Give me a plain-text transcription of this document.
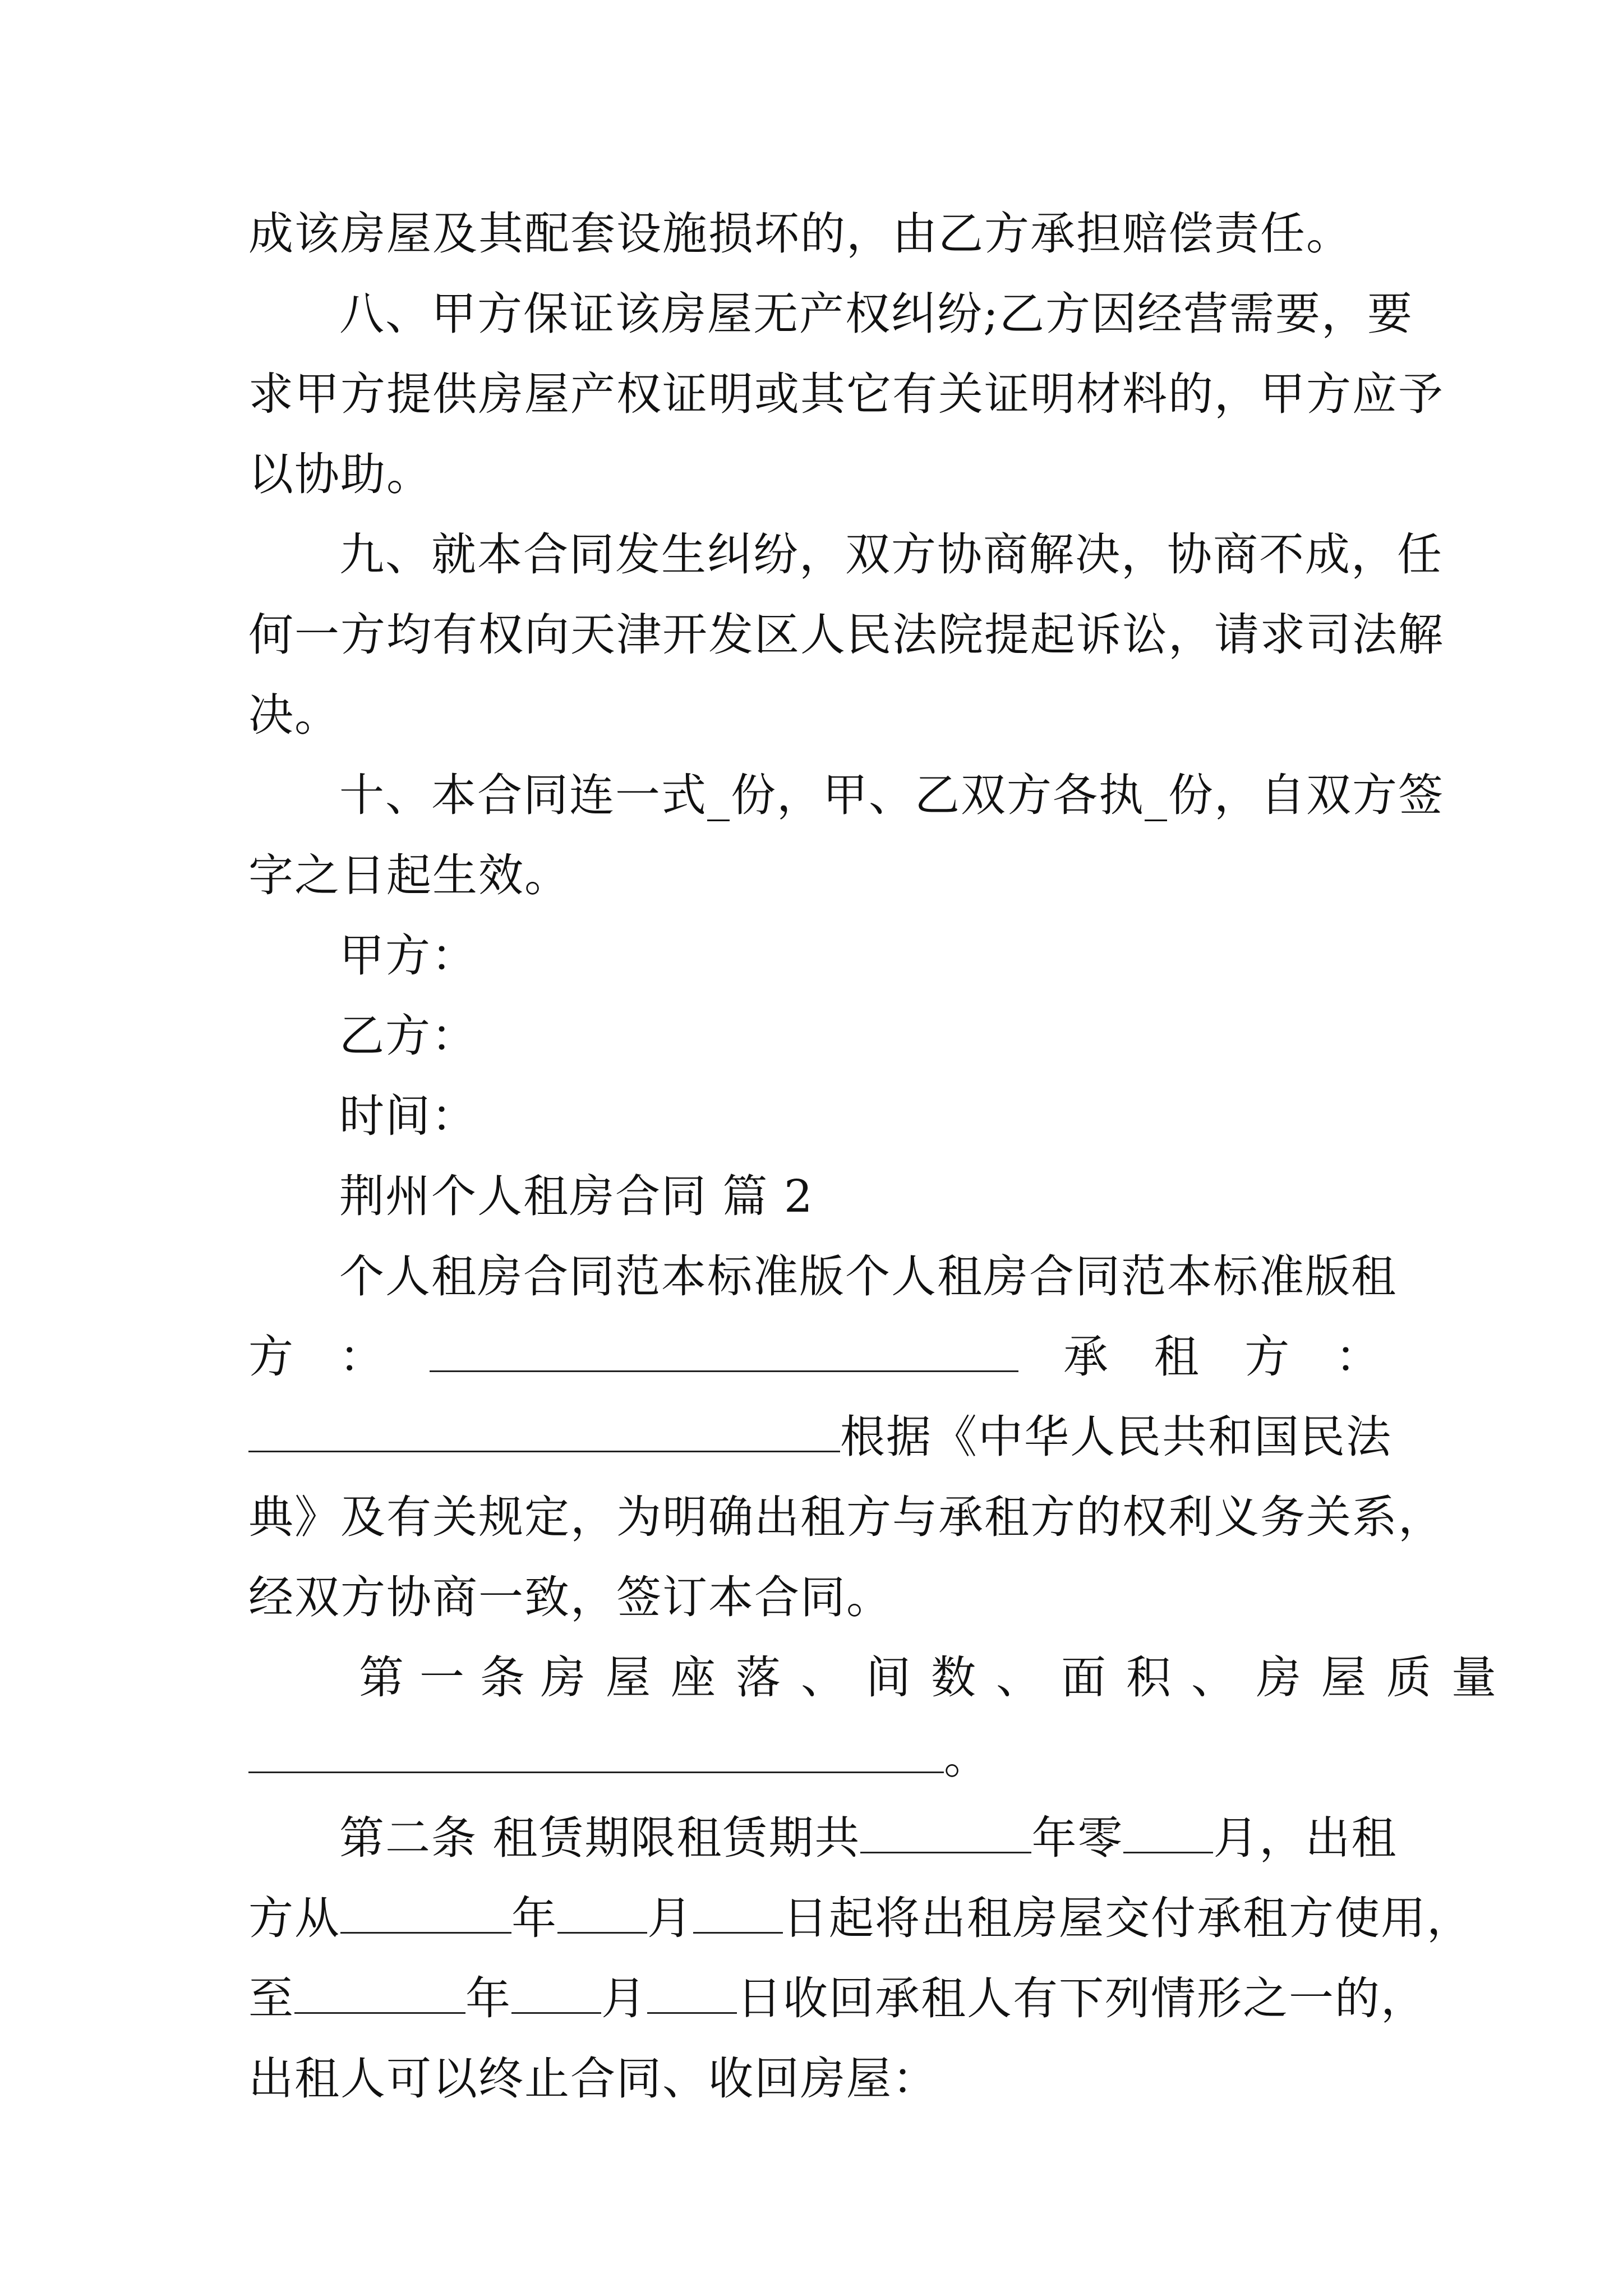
成该房屋及其配套设施损坏的，由乙方承担赔偿责任。
八、甲方保证该房屋无产权纠纷;乙方因经营需要，要
求甲方提供房屋产权证明或其它有关证明材料的，甲方应予
以协助。
九、就本合同发生纠纷，双方协商解决，协商不成，任
何一方均有权向天津开发区人民法院提起诉讼，请求司法解
决。
十、本合同连一式_份，甲、乙双方各执_份，自双方签
字之日起生效。
甲方：
乙方：
时间：
荆州个人租房合同 篇 2
个人租房合同范本标准版个人租房合同范本标准版租
方 ：	承 租 方 ：
根据《中华人民共和国民法
典》及有关规定，为明确出租方与承租方的权利义务关系，
经双方协商一致，签订本合同。
第一条 房屋座落、间数、面积、房屋质量
。
第二条 租赁期限租赁期共	年零 月，出租
方从	年 月 日起将出租房屋交付承租方使用，
至	年 月 日收回承租人有下列情形之一的，
出租人可以终止合同、收回房屋：
